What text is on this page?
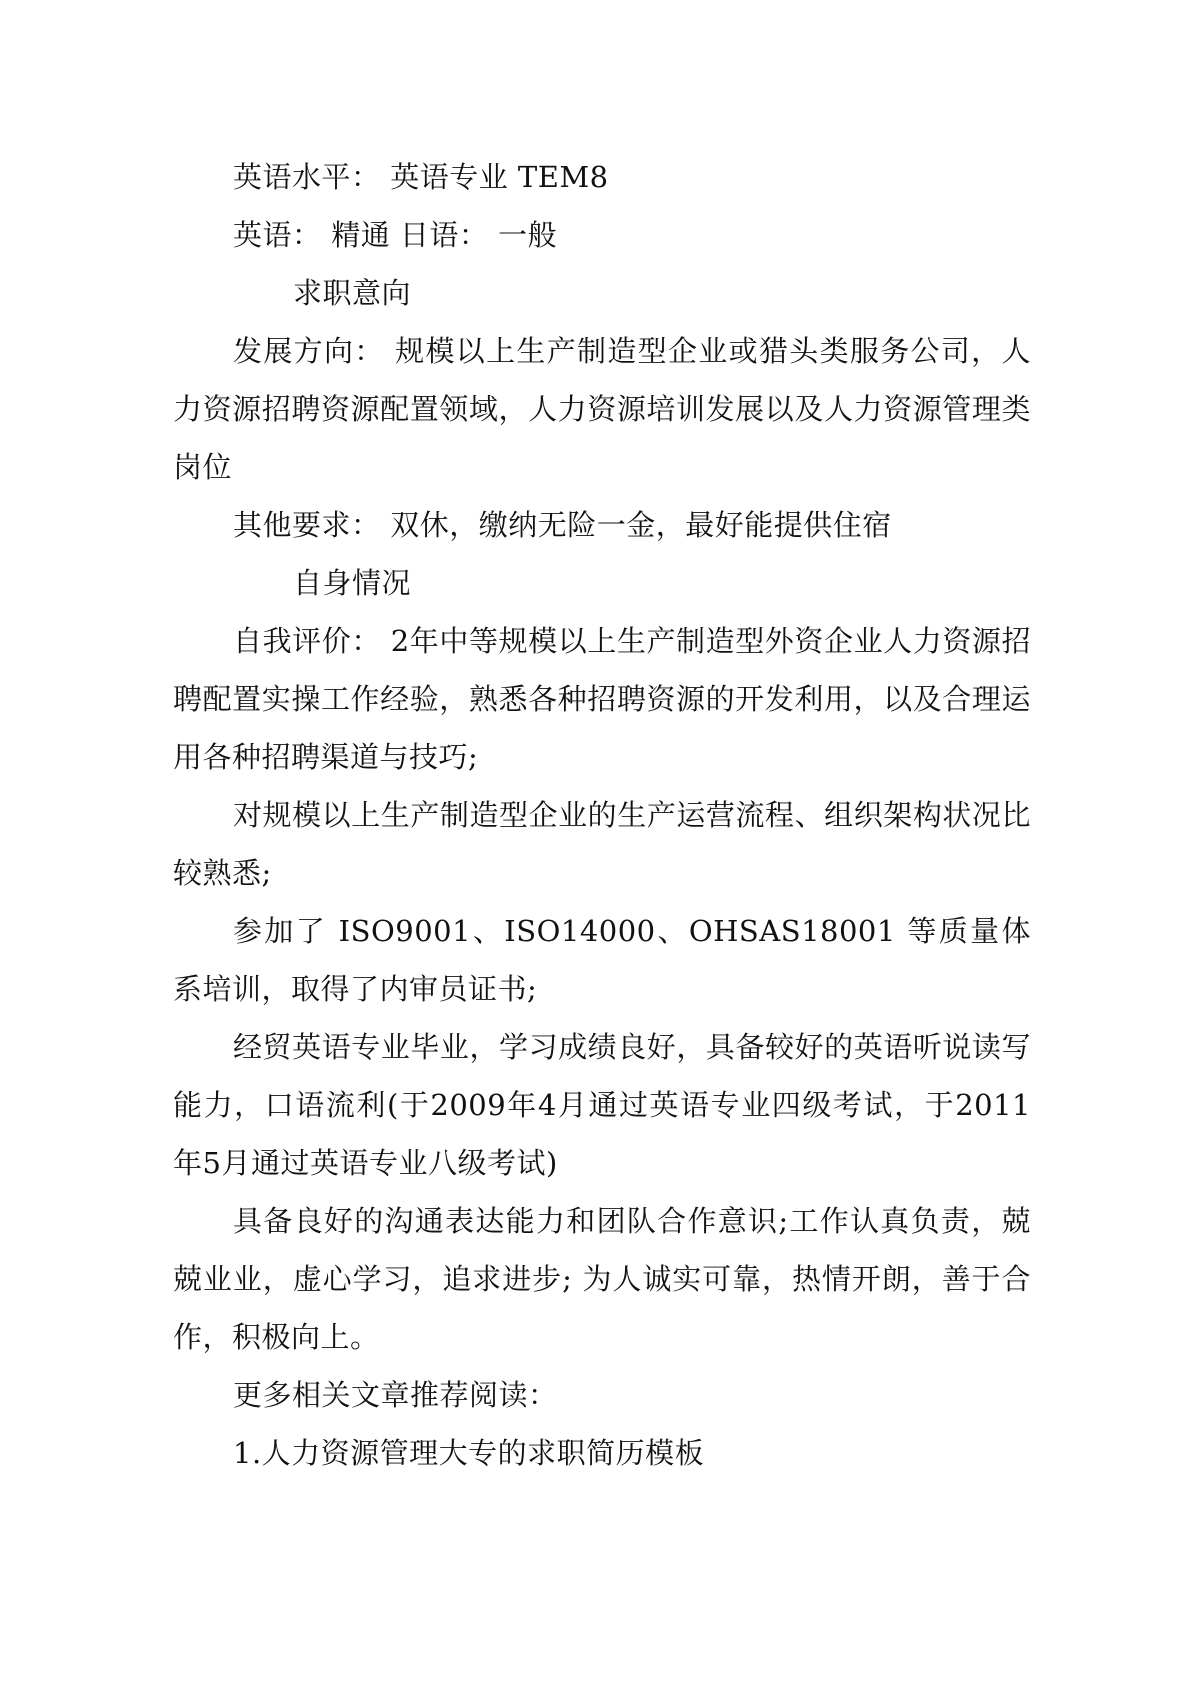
英语水平： 英语专业 TEM8

英语： 精通 日语： 一般

求职意向

发展方向： 规模以上生产制造型企业或猎头类服务公司，人力资源招聘资源配置领域，人力资源培训发展以及人力资源管理类岗位

其他要求： 双休，缴纳无险一金，最好能提供住宿

自身情况

自我评价： 2年中等规模以上生产制造型外资企业人力资源招聘配置实操工作经验，熟悉各种招聘资源的开发利用，以及合理运用各种招聘渠道与技巧;

对规模以上生产制造型企业的生产运营流程、组织架构状况比较熟悉;

参加了 ISO9001、ISO14000、OHSAS18001 等质量体系培训，取得了内审员证书;

经贸英语专业毕业，学习成绩良好，具备较好的英语听说读写能力，口语流利(于2009年4月通过英语专业四级考试，于2011年5月通过英语专业八级考试)

具备良好的沟通表达能力和团队合作意识;工作认真负责，兢兢业业，虚心学习，追求进步; 为人诚实可靠，热情开朗，善于合作，积极向上。

更多相关文章推荐阅读：

1.人力资源管理大专的求职简历模板
